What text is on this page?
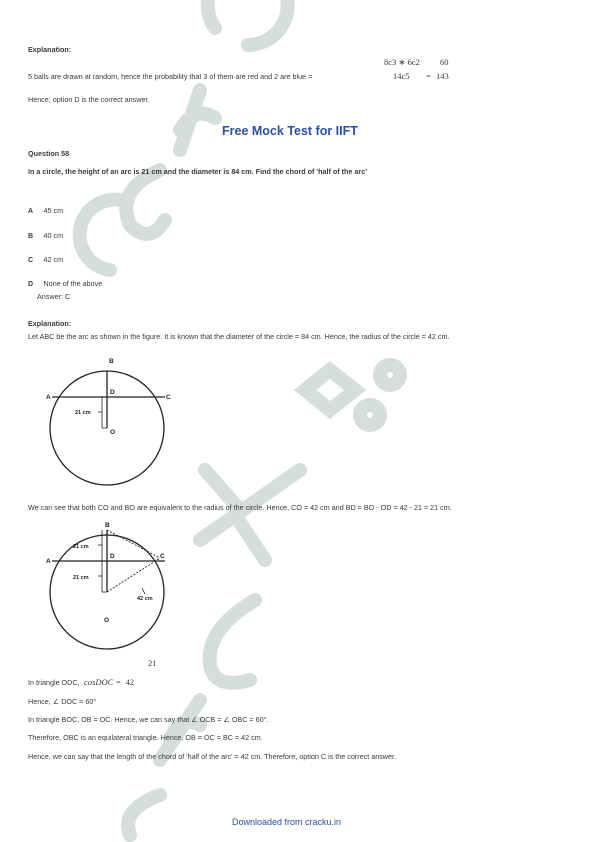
Explanation:
5 balls are drawn at random, hence the probability that 3 of them are red and 2 are blue =
8c3 ∗ 6c2
14c5
60
= 143
Hence, option D is the correct answer.
Free Mock Test for IIFT
Question 58
In a circle, the height of an arc is 21 cm and the diameter is 84 cm. Find the chord of 'half of the arc'
A 45 cm
B 40 cm
C 42 cm
D None of the above
Answer: C
Explanation:
Let ABC be the arc as shown in the figure. It is known that the diameter of the circle = 84 cm. Hence, the radius of the circle = 42 cm.
B
A	C
D
O
21 cm
We can see that both CO and BO are equivalent to the radius of the circle. Hence, CO = 42 cm and BD = BO - OD = 42 - 21 = 21 cm.
B
A
C
D
O
21 cm
21 cm
42 cm
21
In triangle ODC, cosDOC = 42
Hence, ∠ DOC = 60°
In triangle BOC, OB = OC. Hence, we can say that ∠ OCB = ∠ OBC = 60°.
Therefore, OBC is an equilateral triangle. Hence, OB = OC = BC = 42 cm.
Hence, we can say that the length of the chord of 'half of the arc' = 42 cm. Therefore, option C is the correct answer.
Downloaded from cracku.in
